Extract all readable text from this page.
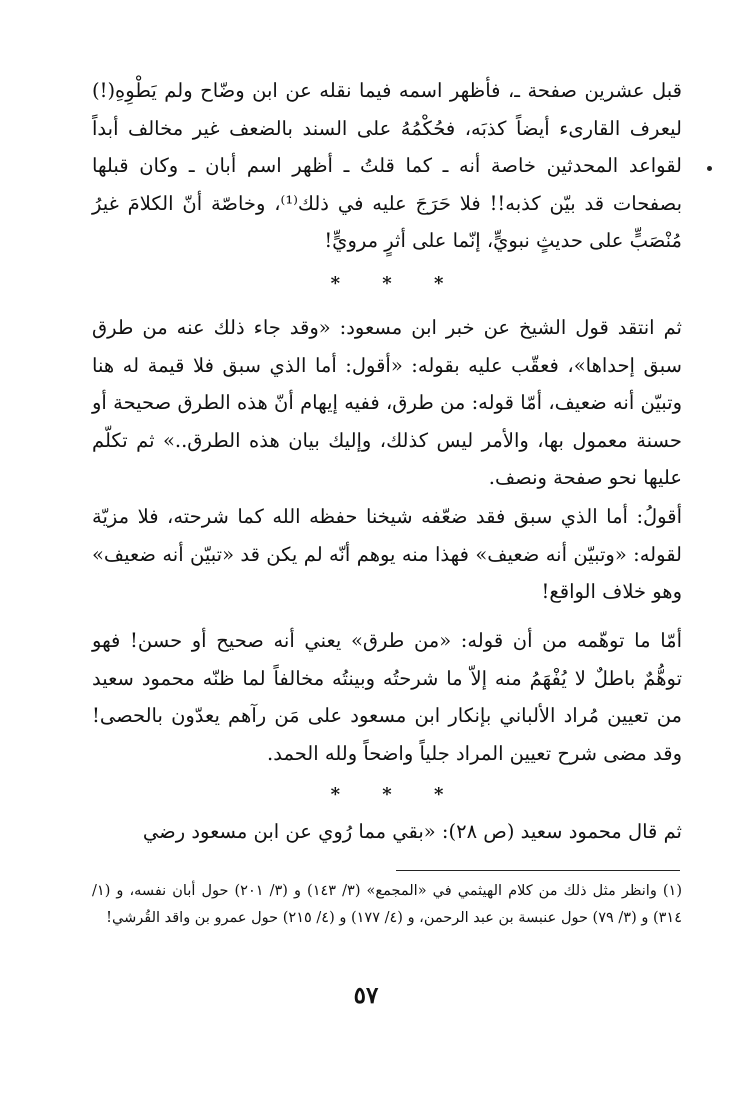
قبل عشرين صفحة ـ، فأظهر اسمه فيما نقله عن ابن وضّاح ولم يَطْوِهِ(!) ليعرف القارىء أيضاً كذبَه، فحُكْمُهُ على السند بالضعف غير مخالف أبداً لقواعد المحدثين خاصة أنه ـ كما قلتُ ـ أظهر اسم أبان ـ وكان قبلها بصفحات قد بيّن كذبه!! فلا حَرَجَ عليه في ذلك⁽¹⁾، وخاصّة أنّ الكلامَ غيرُ مُنْصَبٍّ على حديثٍ نبويٍّ، إنّما على أثرٍ مرويٍّ!

* * *

ثم انتقد قول الشيخ عن خبر ابن مسعود: «وقد جاء ذلك عنه من طرق سبق إحداها»، فعقّب عليه بقوله: «أقول: أما الذي سبق فلا قيمة له هنا وتبيّن أنه ضعيف، أمّا قوله: من طرق، ففيه إيهام أنّ هذه الطرق صحيحة أو حسنة معمول بها، والأمر ليس كذلك، وإليك بيان هذه الطرق..» ثم تكلّم عليها نحو صفحة ونصف.

أقولُ: أما الذي سبق فقد ضعّفه شيخنا حفظه الله كما شرحته، فلا مزيّة لقوله: «وتبيّن أنه ضعيف» فهذا منه يوهم أنّه لم يكن قد «تبيّن أنه ضعيف» وهو خلاف الواقع!

أمّا ما توهّمه من أن قوله: «من طرق» يعني أنه صحيح أو حسن! فهو توهُّمٌ باطلٌ لا يُفْهَمُ منه إلاّ ما شرحتُه وبينتُه مخالفاً لما ظنّه محمود سعيد من تعيين مُراد الألباني بإنكار ابن مسعود على مَن رآهم يعدّون بالحصى! وقد مضى شرح تعيين المراد جلياً واضحاً ولله الحمد.

* * *

ثم قال محمود سعيد (ص ٢٨): «بقي مما رُوي عن ابن مسعود رضي

(١) وانظر مثل ذلك من كلام الهيثمي في «المجمع» (٣/ ١٤٣) و (٣/ ٢٠١) حول أبان نفسه، و (١/ ٣١٤) و (٣/ ٧٩) حول عنبسة بن عبد الرحمن، و (٤/ ١٧٧) و (٤/ ٢١٥) حول عمرو بن واقد القُرشي!

٥٧
